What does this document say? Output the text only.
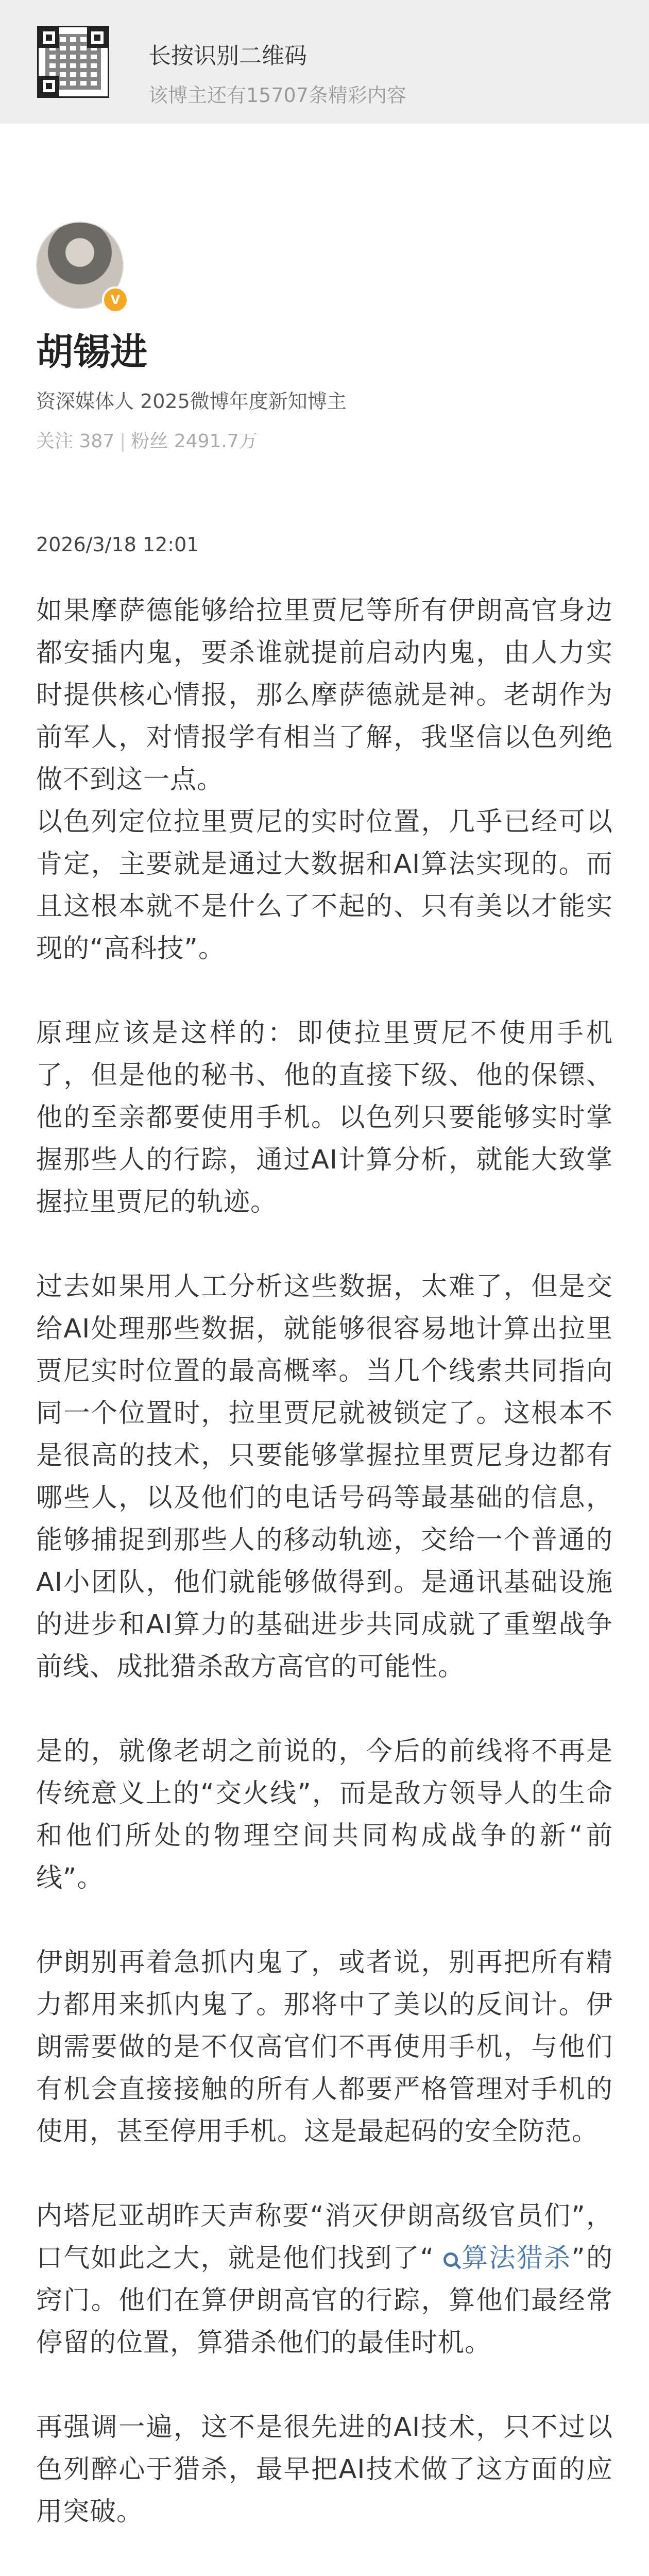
长按识别二维码
该博主还有15707条精彩内容
V
胡锡进
资深媒体人 2025微博年度新知博主
关注 387 | 粉丝 2491.7万
2026/3/18 12:01

如果摩萨德能够给拉里贾尼等所有伊朗高官身边都安插内鬼，要杀谁就提前启动内鬼，由人力实时提供核心情报，那么摩萨德就是神。老胡作为前军人，对情报学有相当了解，我坚信以色列绝做不到这一点。

以色列定位拉里贾尼的实时位置，几乎已经可以肯定，主要就是通过大数据和AI算法实现的。而且这根本就不是什么了不起的、只有美以才能实现的“高科技”。

原理应该是这样的：即使拉里贾尼不使用手机了，但是他的秘书、他的直接下级、他的保镖、他的至亲都要使用手机。以色列只要能够实时掌握那些人的行踪，通过AI计算分析，就能大致掌握拉里贾尼的轨迹。

过去如果用人工分析这些数据，太难了，但是交给AI处理那些数据，就能够很容易地计算出拉里贾尼实时位置的最高概率。当几个线索共同指向同一个位置时，拉里贾尼就被锁定了。这根本不是很高的技术，只要能够掌握拉里贾尼身边都有哪些人，以及他们的电话号码等最基础的信息，能够捕捉到那些人的移动轨迹，交给一个普通的AI小团队，他们就能够做得到。是通讯基础设施的进步和AI算力的基础进步共同成就了重塑战争前线、成批猎杀敌方高官的可能性。

是的，就像老胡之前说的，今后的前线将不再是传统意义上的“交火线”，而是敌方领导人的生命和他们所处的物理空间共同构成战争的新“前线”。

伊朗别再着急抓内鬼了，或者说，别再把所有精力都用来抓内鬼了。那将中了美以的反间计。伊朗需要做的是不仅高官们不再使用手机，与他们有机会直接接触的所有人都要严格管理对手机的使用，甚至停用手机。这是最起码的安全防范。

内塔尼亚胡昨天声称要“消灭伊朗高级官员们”，口气如此之大，就是他们找到了“ 算法猎杀”的窍门。他们在算伊朗高官的行踪，算他们最经常停留的位置，算猎杀他们的最佳时机。

再强调一遍，这不是很先进的AI技术，只不过以色列醉心于猎杀，最早把AI技术做了这方面的应用突破。
